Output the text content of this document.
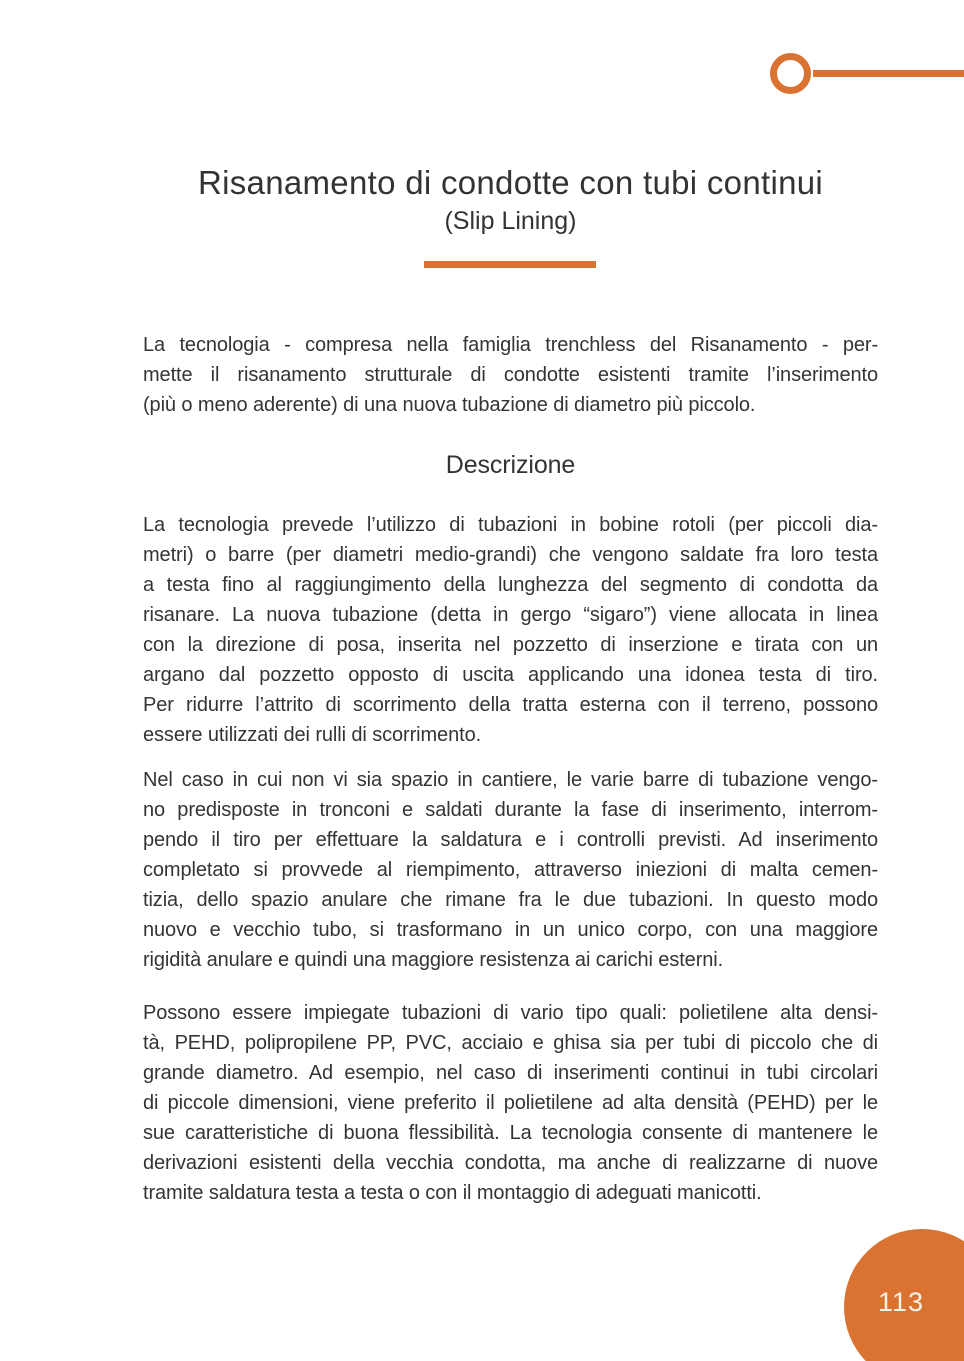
Risanamento di condotte con tubi continui
(Slip Lining)

La tecnologia - compresa nella famiglia trenchless del Risanamento - per-
mette il risanamento strutturale di condotte esistenti tramite l’inserimento
(più o meno aderente) di una nuova tubazione di diametro più piccolo.

Descrizione

La tecnologia prevede l’utilizzo di tubazioni in bobine rotoli (per piccoli dia-
metri) o barre (per diametri medio-grandi) che vengono saldate fra loro testa
a testa fino al raggiungimento della lunghezza del segmento di condotta da
risanare. La nuova tubazione (detta in gergo “sigaro”) viene allocata in linea
con la direzione di posa, inserita nel pozzetto di inserzione e tirata con un
argano dal pozzetto opposto di uscita applicando una idonea testa di tiro.
Per ridurre l’attrito di scorrimento della tratta esterna con il terreno, possono
essere utilizzati dei rulli di scorrimento.

Nel caso in cui non vi sia spazio in cantiere, le varie barre di tubazione vengo-
no predisposte in tronconi e saldati durante la fase di inserimento, interrom-
pendo il tiro per effettuare la saldatura e i controlli previsti. Ad inserimento
completato si provvede al riempimento, attraverso iniezioni di malta cemen-
tizia, dello spazio anulare che rimane fra le due tubazioni. In questo modo
nuovo e vecchio tubo, si trasformano in un unico corpo, con una maggiore
rigidità anulare e quindi una maggiore resistenza ai carichi esterni.

Possono essere impiegate tubazioni di vario tipo quali: polietilene alta densi-
tà, PEHD, polipropilene PP, PVC, acciaio e ghisa sia per tubi di piccolo che di
grande diametro. Ad esempio, nel caso di inserimenti continui in tubi circolari
di piccole dimensioni, viene preferito il polietilene ad alta densità (PEHD) per le
sue caratteristiche di buona flessibilità. La tecnologia consente di mantenere le
derivazioni esistenti della vecchia condotta, ma anche di realizzarne di nuove
tramite saldatura testa a testa o con il montaggio di adeguati manicotti.

113
